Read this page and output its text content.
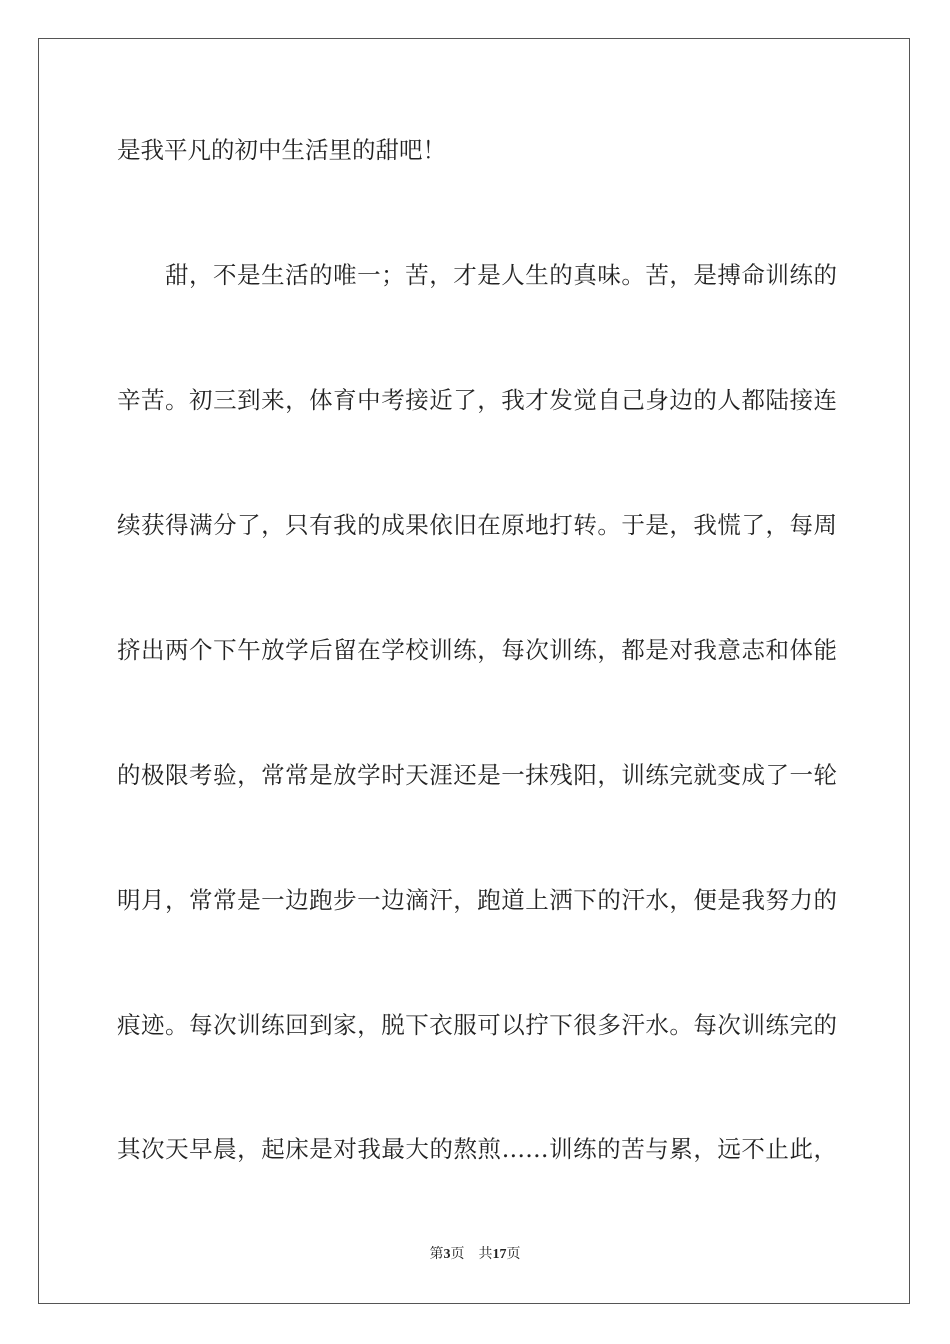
是我平凡的初中生活里的甜吧！
甜，不是生活的唯一；苦，才是人生的真味。苦，是搏命训练的
辛苦。初三到来，体育中考接近了，我才发觉自己身边的人都陆接连
续获得满分了，只有我的成果依旧在原地打转。于是，我慌了，每周
挤出两个下午放学后留在学校训练，每次训练，都是对我意志和体能
的极限考验，常常是放学时天涯还是一抹残阳，训练完就变成了一轮
明月，常常是一边跑步一边滴汗，跑道上洒下的汗水，便是我努力的
痕迹。每次训练回到家，脱下衣服可以拧下很多汗水。每次训练完的
其次天早晨，起床是对我最大的熬煎……训练的苦与累，远不止此，
第3页 共17页
